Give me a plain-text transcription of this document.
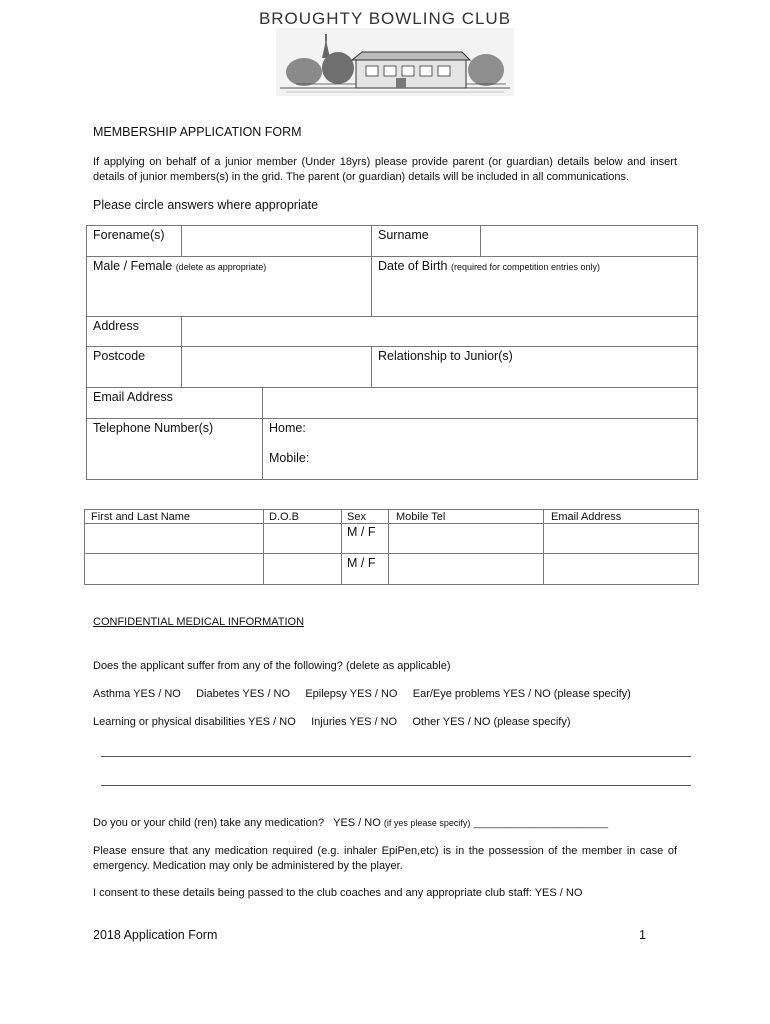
BROUGHTY BOWLING CLUB
MEMBERSHIP APPLICATION FORM
If applying on behalf of a junior member (Under 18yrs) please provide parent (or guardian) details below and insert details of junior members(s) in the grid. The parent (or guardian) details will be included in all communications.
Please circle answers where appropriate
Forename(s)	Surname
Male / Female (delete as appropriate)	Date of Birth (required for competition entries only)
Address
Postcode	Relationship to Junior(s)
Email Address
Telephone Number(s)	Home:
Mobile:
First and Last Name	D.O.B	Sex	Mobile Tel	Email Address
M / F
M / F
CONFIDENTIAL MEDICAL INFORMATION
Does the applicant suffer from any of the following? (delete as applicable)
Asthma YES / NO Diabetes YES / NO Epilepsy YES / NO Ear/Eye problems YES / NO (please specify)
Learning or physical disabilities YES / NO Injuries YES / NO Other YES / NO (please specify)
Do you or your child (ren) take any medication? YES / NO (if yes please specify) ______________________
Please ensure that any medication required (e.g. inhaler EpiPen,etc) is in the possession of the member in case of emergency. Medication may only be administered by the player.
I consent to these details being passed to the club coaches and any appropriate club staff: YES / NO
2018 Application Form	1
